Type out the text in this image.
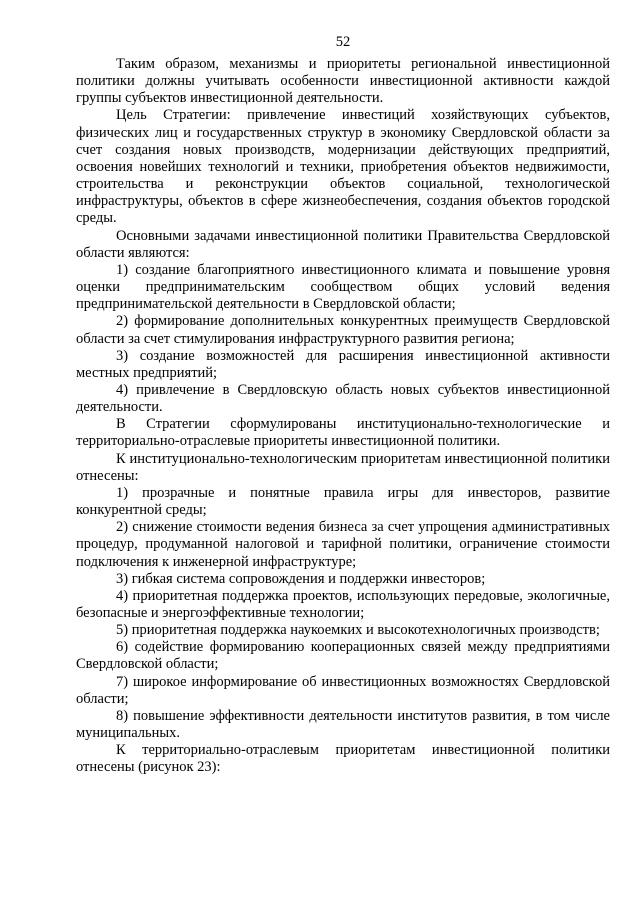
52

Таким образом, механизмы и приоритеты региональной инвестиционной политики должны учитывать особенности инвестиционной активности каждой группы субъектов инвестиционной деятельности.

Цель Стратегии: привлечение инвестиций хозяйствующих субъектов, физических лиц и государственных структур в экономику Свердловской области за счет создания новых производств, модернизации действующих предприятий, освоения новейших технологий и техники, приобретения объектов недвижимости, строительства и реконструкции объектов социальной, технологической инфраструктуры, объектов в сфере жизнеобеспечения, создания объектов городской среды.

Основными задачами инвестиционной политики Правительства Свердловской области являются:

1) создание благоприятного инвестиционного климата и повышение уровня оценки предпринимательским сообществом общих условий ведения предпринимательской деятельности в Свердловской области;

2) формирование дополнительных конкурентных преимуществ Свердловской области за счет стимулирования инфраструктурного развития региона;

3) создание возможностей для расширения инвестиционной активности местных предприятий;

4) привлечение в Свердловскую область новых субъектов инвестиционной деятельности.

В Стратегии сформулированы институционально-технологические и территориально-отраслевые приоритеты инвестиционной политики.

К институционально-технологическим приоритетам инвестиционной политики отнесены:

1) прозрачные и понятные правила игры для инвесторов, развитие конкурентной среды;

2) снижение стоимости ведения бизнеса за счет упрощения административных процедур, продуманной налоговой и тарифной политики, ограничение стоимости подключения к инженерной инфраструктуре;

3) гибкая система сопровождения и поддержки инвесторов;

4) приоритетная поддержка проектов, использующих передовые, экологичные, безопасные и энергоэффективные технологии;

5) приоритетная поддержка наукоемких и высокотехнологичных производств;

6) содействие формированию кооперационных связей между предприятиями Свердловской области;

7) широкое информирование об инвестиционных возможностях Свердловской области;

8) повышение эффективности деятельности институтов развития, в том числе муниципальных.

К территориально-отраслевым приоритетам инвестиционной политики отнесены (рисунок 23):
